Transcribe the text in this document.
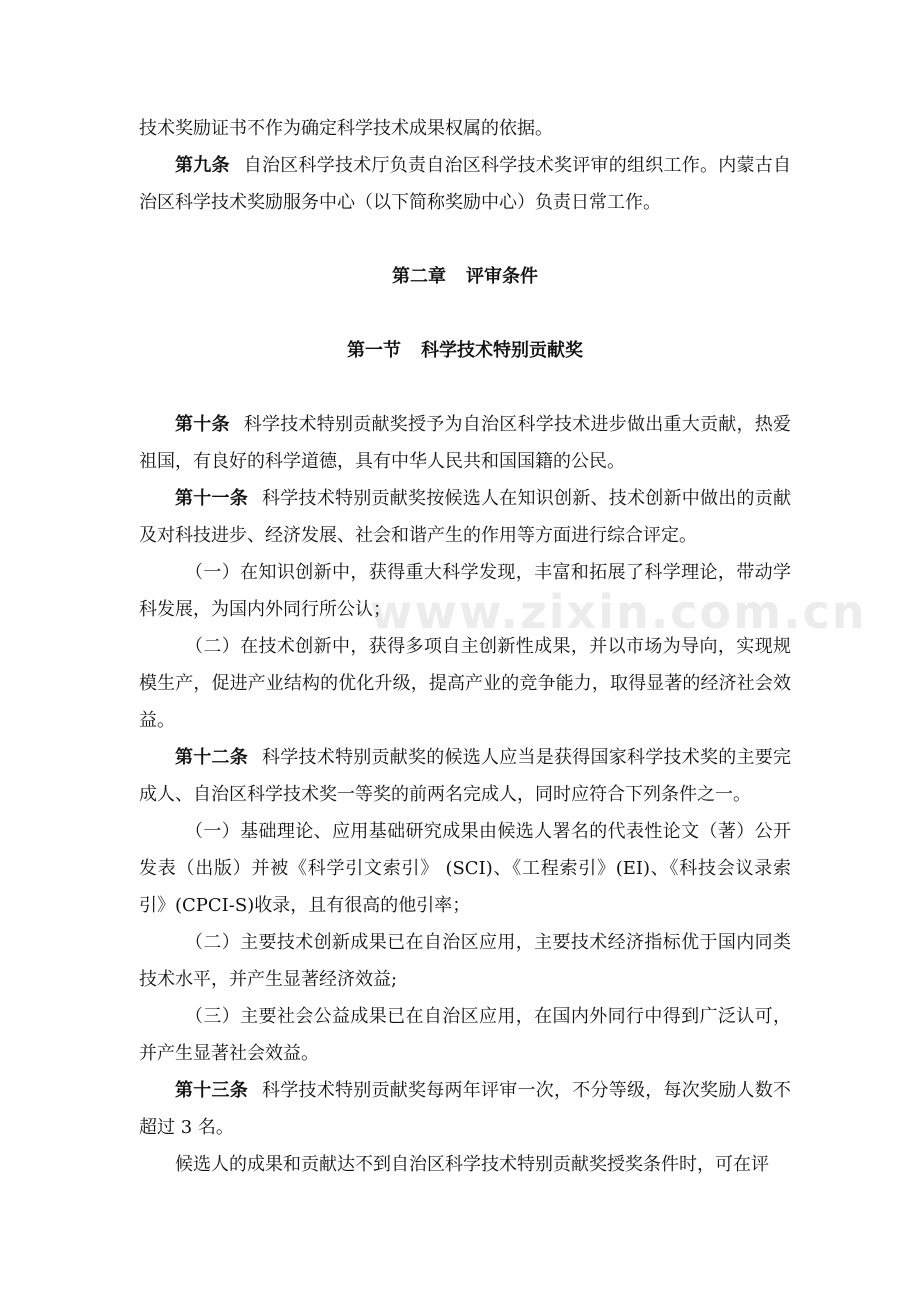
www.zixin.com.cn

技术奖励证书不作为确定科学技术成果权属的依据。

第九条 自治区科学技术厅负责自治区科学技术奖评审的组织工作。内蒙古自治区科学技术奖励服务中心（以下简称奖励中心）负责日常工作。

第二章 评审条件
第一节 科学技术特别贡献奖

第十条 科学技术特别贡献奖授予为自治区科学技术进步做出重大贡献，热爱祖国，有良好的科学道德，具有中华人民共和国国籍的公民。

第十一条 科学技术特别贡献奖按候选人在知识创新、技术创新中做出的贡献及对科技进步、经济发展、社会和谐产生的作用等方面进行综合评定。

（一）在知识创新中，获得重大科学发现，丰富和拓展了科学理论，带动学科发展，为国内外同行所公认；

（二）在技术创新中，获得多项自主创新性成果，并以市场为导向，实现规模生产，促进产业结构的优化升级，提高产业的竞争能力，取得显著的经济社会效益。

第十二条 科学技术特别贡献奖的候选人应当是获得国家科学技术奖的主要完成人、自治区科学技术奖一等奖的前两名完成人，同时应符合下列条件之一。

（一）基础理论、应用基础研究成果由候选人署名的代表性论文（著）公开发表（出版）并被《科学引文索引》 (SCI)、《工程索引》(EI)、《科技会议录索引》(CPCI-S)收录，且有很高的他引率；

（二）主要技术创新成果已在自治区应用，主要技术经济指标优于国内同类技术水平，并产生显著经济效益;

（三）主要社会公益成果已在自治区应用，在国内外同行中得到广泛认可，并产生显著社会效益。

第十三条 科学技术特别贡献奖每两年评审一次，不分等级，每次奖励人数不超过 3 名。

候选人的成果和贡献达不到自治区科学技术特别贡献奖授奖条件时，可在评
